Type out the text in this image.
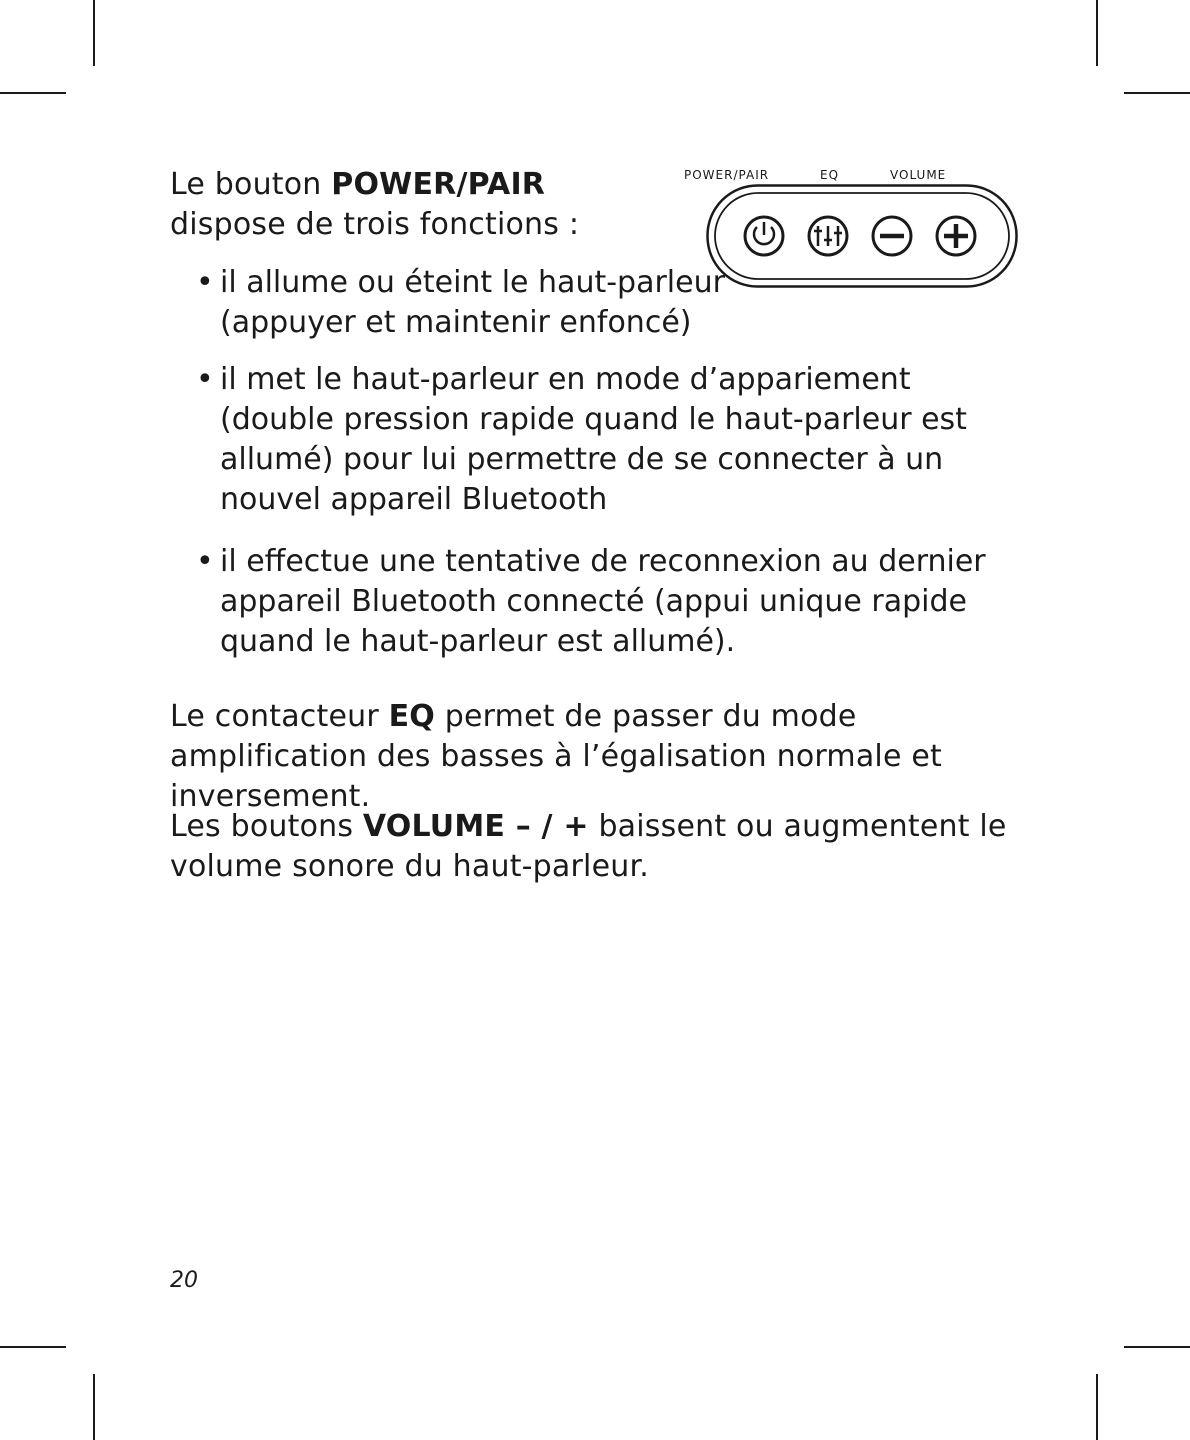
Le bouton POWER/PAIR dispose de trois fonctions :
• il allume ou éteint le haut-parleur (appuyer et maintenir enfoncé)
• il met le haut-parleur en mode d’appariement (double pression rapide quand le haut-parleur est allumé) pour lui permettre de se connecter à un nouvel appareil Bluetooth
• il effectue une tentative de reconnexion au dernier appareil Bluetooth connecté (appui unique rapide quand le haut-parleur est allumé).
Le contacteur EQ permet de passer du mode amplification des basses à l’égalisation normale et inversement.
Les boutons VOLUME – / + baissent ou augmentent le volume sonore du haut-parleur.
POWER/PAIR	EQ	VOLUME
20
